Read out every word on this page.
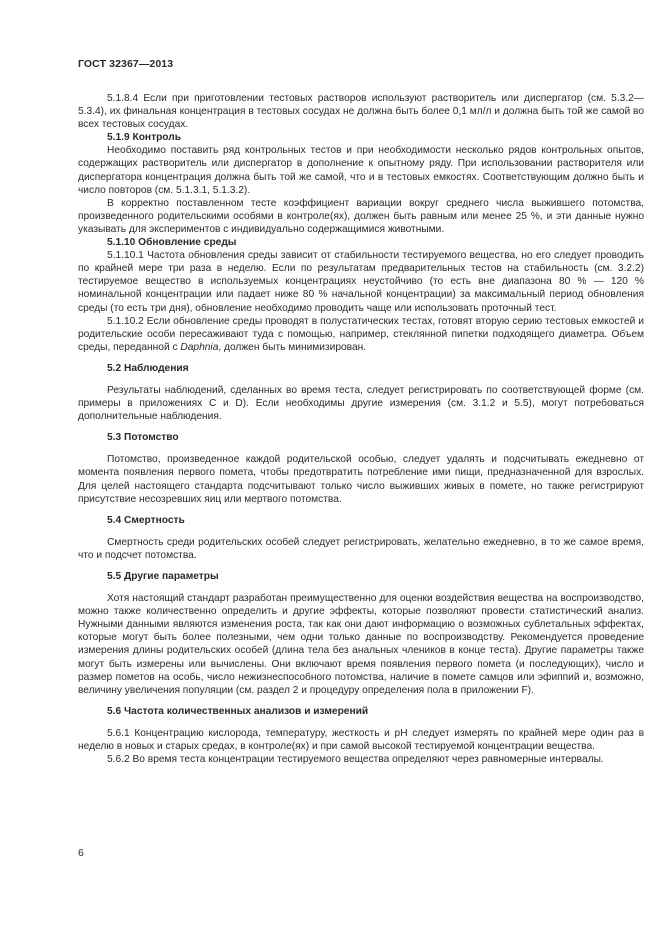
ГОСТ 32367—2013

5.1.8.4 Если при приготовлении тестовых растворов используют растворитель или диспергатор (см. 5.3.2—5.3.4), их финальная концентрация в тестовых сосудах не должна быть более 0,1 мл/л и должна быть той же самой во всех тестовых сосудах.

5.1.9 Контроль

Необходимо поставить ряд контрольных тестов и при необходимости несколько рядов контрольных опытов, содержащих растворитель или диспергатор в дополнение к опытному ряду. При использовании растворителя или диспергатора концентрация должна быть той же самой, что и в тестовых емкостях. Соответствующим должно быть и число повторов (см. 5.1.3.1, 5.1.3.2).

В корректно поставленном тесте коэффициент вариации вокруг среднего числа выжившего потомства, произведенного родительскими особями в контроле(ях), должен быть равным или менее 25 %, и эти данные нужно указывать для экспериментов с индивидуально содержащимися животными.

5.1.10 Обновление среды

5.1.10.1 Частота обновления среды зависит от стабильности тестируемого вещества, но его следует проводить по крайней мере три раза в неделю. Если по результатам предварительных тестов на стабильность (см. 3.2.2) тестируемое вещество в используемых концентрациях неустойчиво (то есть вне диапазона 80 % — 120 % номинальной концентрации или падает ниже 80 % начальной концентрации) за максимальный период обновления среды (то есть три дня), обновление необходимо проводить чаще или использовать проточный тест.

5.1.10.2 Если обновление среды проводят в полустатических тестах, готовят вторую серию тестовых емкостей и родительские особи пересаживают туда с помощью, например, стеклянной пипетки подходящего диаметра. Объем среды, переданной с Daphnia, должен быть минимизирован.

5.2 Наблюдения

Результаты наблюдений, сделанных во время теста, следует регистрировать по соответствующей форме (см. примеры в приложениях С и D). Если необходимы другие измерения (см. 3.1.2 и 5.5), могут потребоваться дополнительные наблюдения.

5.3 Потомство

Потомство, произведенное каждой родительской особью, следует удалять и подсчитывать ежедневно от момента появления первого помета, чтобы предотвратить потребление ими пищи, предназначенной для взрослых. Для целей настоящего стандарта подсчитывают только число выживших живых в помете, но также регистрируют присутствие несозревших яиц или мертвого потомства.

5.4 Смертность

Смертность среди родительских особей следует регистрировать, желательно ежедневно, в то же самое время, что и подсчет потомства.

5.5 Другие параметры

Хотя настоящий стандарт разработан преимущественно для оценки воздействия вещества на воспроизводство, можно также количественно определить и другие эффекты, которые позволяют провести статистический анализ. Нужными данными являются изменения роста, так как они дают информацию о возможных сублетальных эффектах, которые могут быть более полезными, чем одни только данные по воспроизводству. Рекомендуется проведение измерения длины родительских особей (длина тела без анальных члеников в конце теста). Другие параметры также могут быть измерены или вычислены. Они включают время появления первого помета (и последующих), число и размер пометов на особь, число нежизнеспособного потомства, наличие в помете самцов или эфиппий и, возможно, величину увеличения популяции (см. раздел 2 и процедуру определения пола в приложении F).

5.6 Частота количественных анализов и измерений

5.6.1 Концентрацию кислорода, температуру, жесткость и рН следует измерять по крайней мере один раз в неделю в новых и старых средах, в контроле(ях) и при самой высокой тестируемой концентрации вещества.

5.6.2 Во время теста концентрации тестируемого вещества определяют через равномерные интервалы.

6
